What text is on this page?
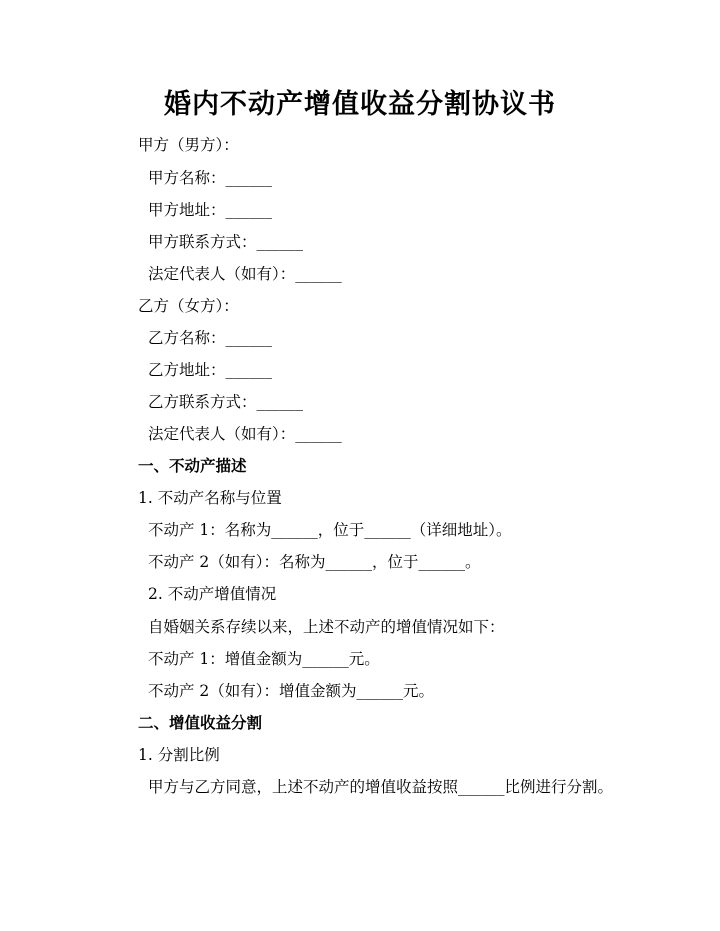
婚内不动产增值收益分割协议书
甲方（男方）：
甲方名称：______
甲方地址：______
甲方联系方式：______
法定代表人（如有）：______
乙方（女方）：
乙方名称：______
乙方地址：______
乙方联系方式：______
法定代表人（如有）：______
一、不动产描述
1. 不动产名称与位置
不动产 1：名称为______，位于______（详细地址）。
不动产 2（如有）：名称为______，位于______。
2. 不动产增值情况
自婚姻关系存续以来，上述不动产的增值情况如下：
不动产 1：增值金额为______元。
不动产 2（如有）：增值金额为______元。
二、增值收益分割
1. 分割比例
甲方与乙方同意，上述不动产的增值收益按照______比例进行分割。
